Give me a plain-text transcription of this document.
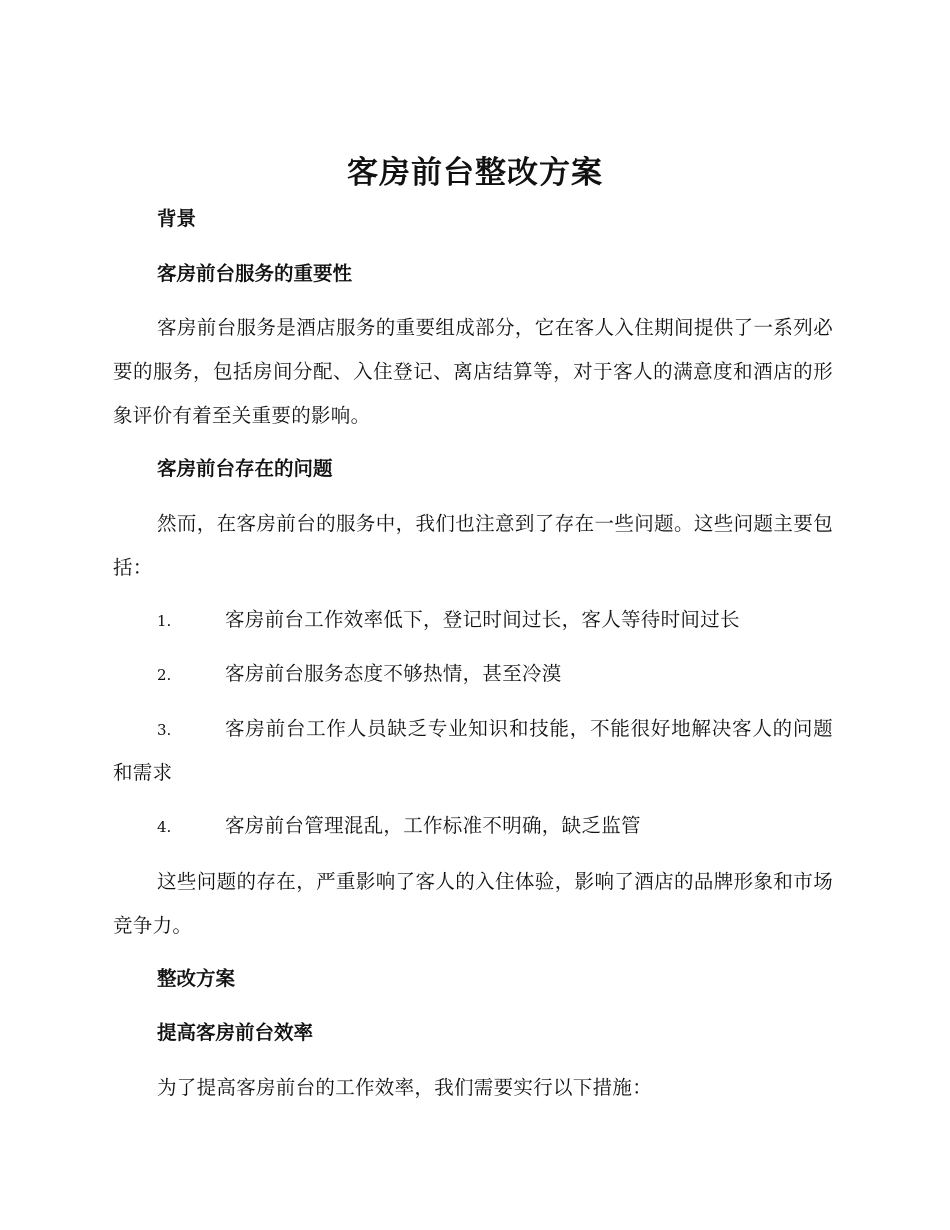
客房前台整改方案
背景
客房前台服务的重要性
客房前台服务是酒店服务的重要组成部分，它在客人入住期间提供了一系列必要的服务，包括房间分配、入住登记、离店结算等，对于客人的满意度和酒店的形象评价有着至关重要的影响。
客房前台存在的问题
然而，在客房前台的服务中，我们也注意到了存在一些问题。这些问题主要包括：
1.	客房前台工作效率低下，登记时间过长，客人等待时间过长
2.	客房前台服务态度不够热情，甚至冷漠
3.	客房前台工作人员缺乏专业知识和技能，不能很好地解决客人的问题和需求
4.	客房前台管理混乱，工作标准不明确，缺乏监管
这些问题的存在，严重影响了客人的入住体验，影响了酒店的品牌形象和市场竞争力。
整改方案
提高客房前台效率
为了提高客房前台的工作效率，我们需要实行以下措施：
